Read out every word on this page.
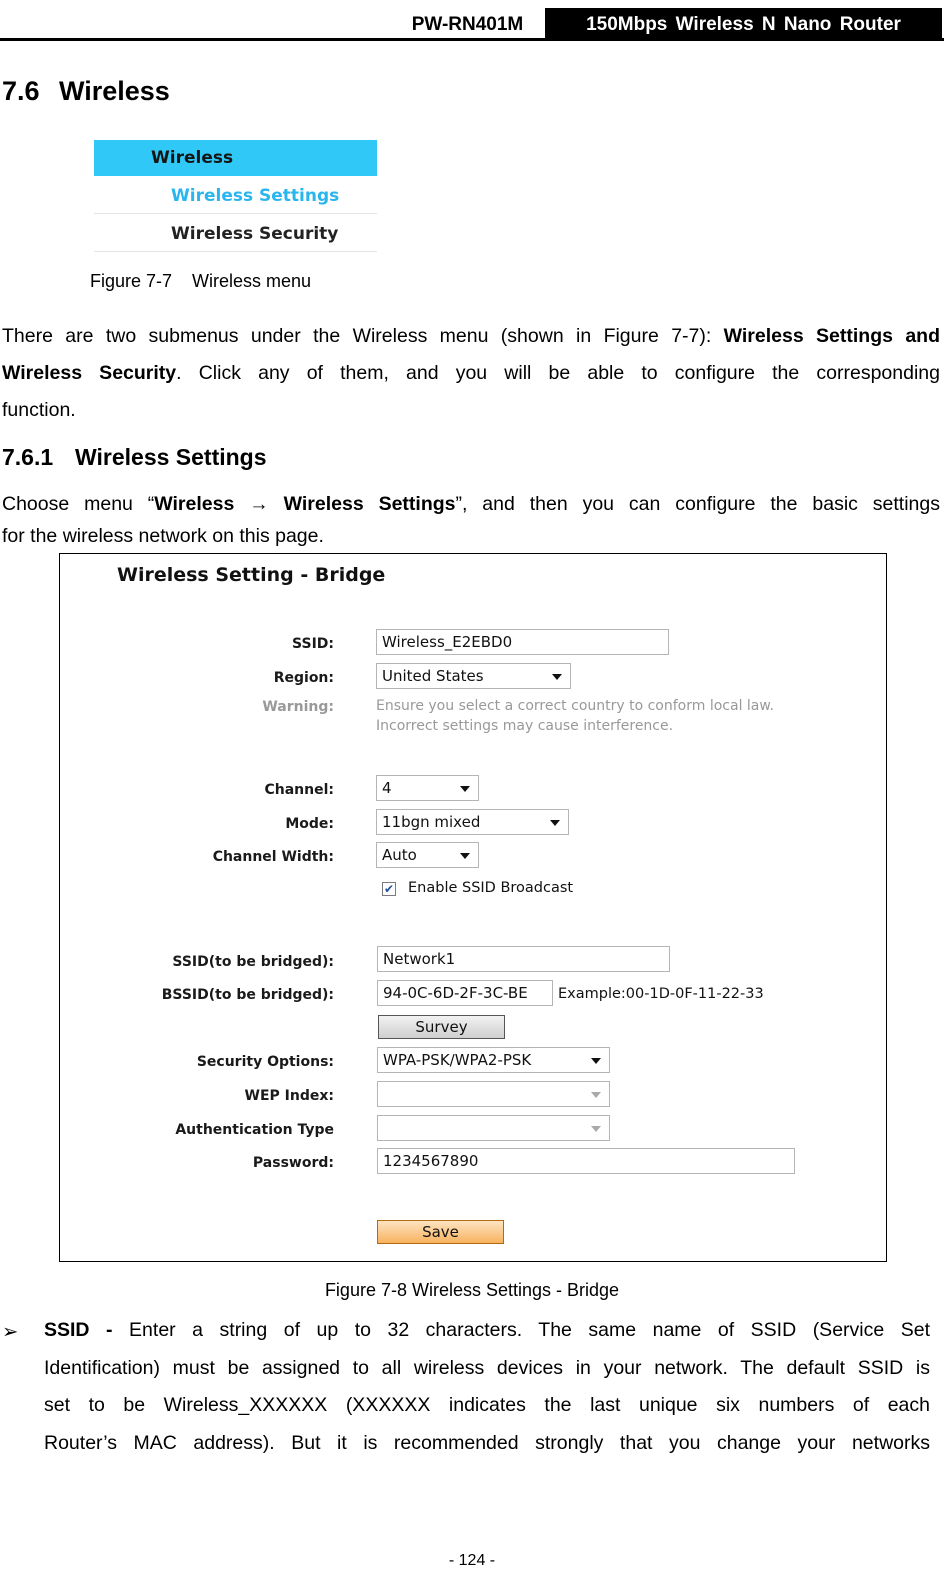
PW-RN401M	150Mbps Wireless N Nano Router
7.6 Wireless
Wireless
Wireless Settings
Wireless Security
Figure 7-7    Wireless menu
There are two submenus under the Wireless menu (shown in Figure 7-7): Wireless Settings and
Wireless Security. Click any of them, and you will be able to configure the corresponding
function.
7.6.1 Wireless Settings
Choose menu “Wireless → Wireless Settings”, and then you can configure the basic settings
for the wireless network on this page.
Wireless Setting - Bridge
SSID:	Wireless_E2EBD0
Region:	United States
Warning:	Ensure you select a correct country to conform local law.
Incorrect settings may cause interference.
Channel:	4
Mode:	11bgn mixed
Channel Width:	Auto
✔ Enable SSID Broadcast
SSID(to be bridged):	Network1
BSSID(to be bridged):	94-0C-6D-2F-3C-BE	Example:00-1D-0F-11-22-33
Survey
Security Options:	WPA-PSK/WPA2-PSK
WEP Index:
Authentication Type
Password:	1234567890
Save
Figure 7-8 Wireless Settings - Bridge
➢ SSID - Enter a string of up to 32 characters. The same name of SSID (Service Set
Identification) must be assigned to all wireless devices in your network. The default SSID is
set to be Wireless_XXXXXX (XXXXXX indicates the last unique six numbers of each
Router’s MAC address). But it is recommended strongly that you change your networks
- 124 -
